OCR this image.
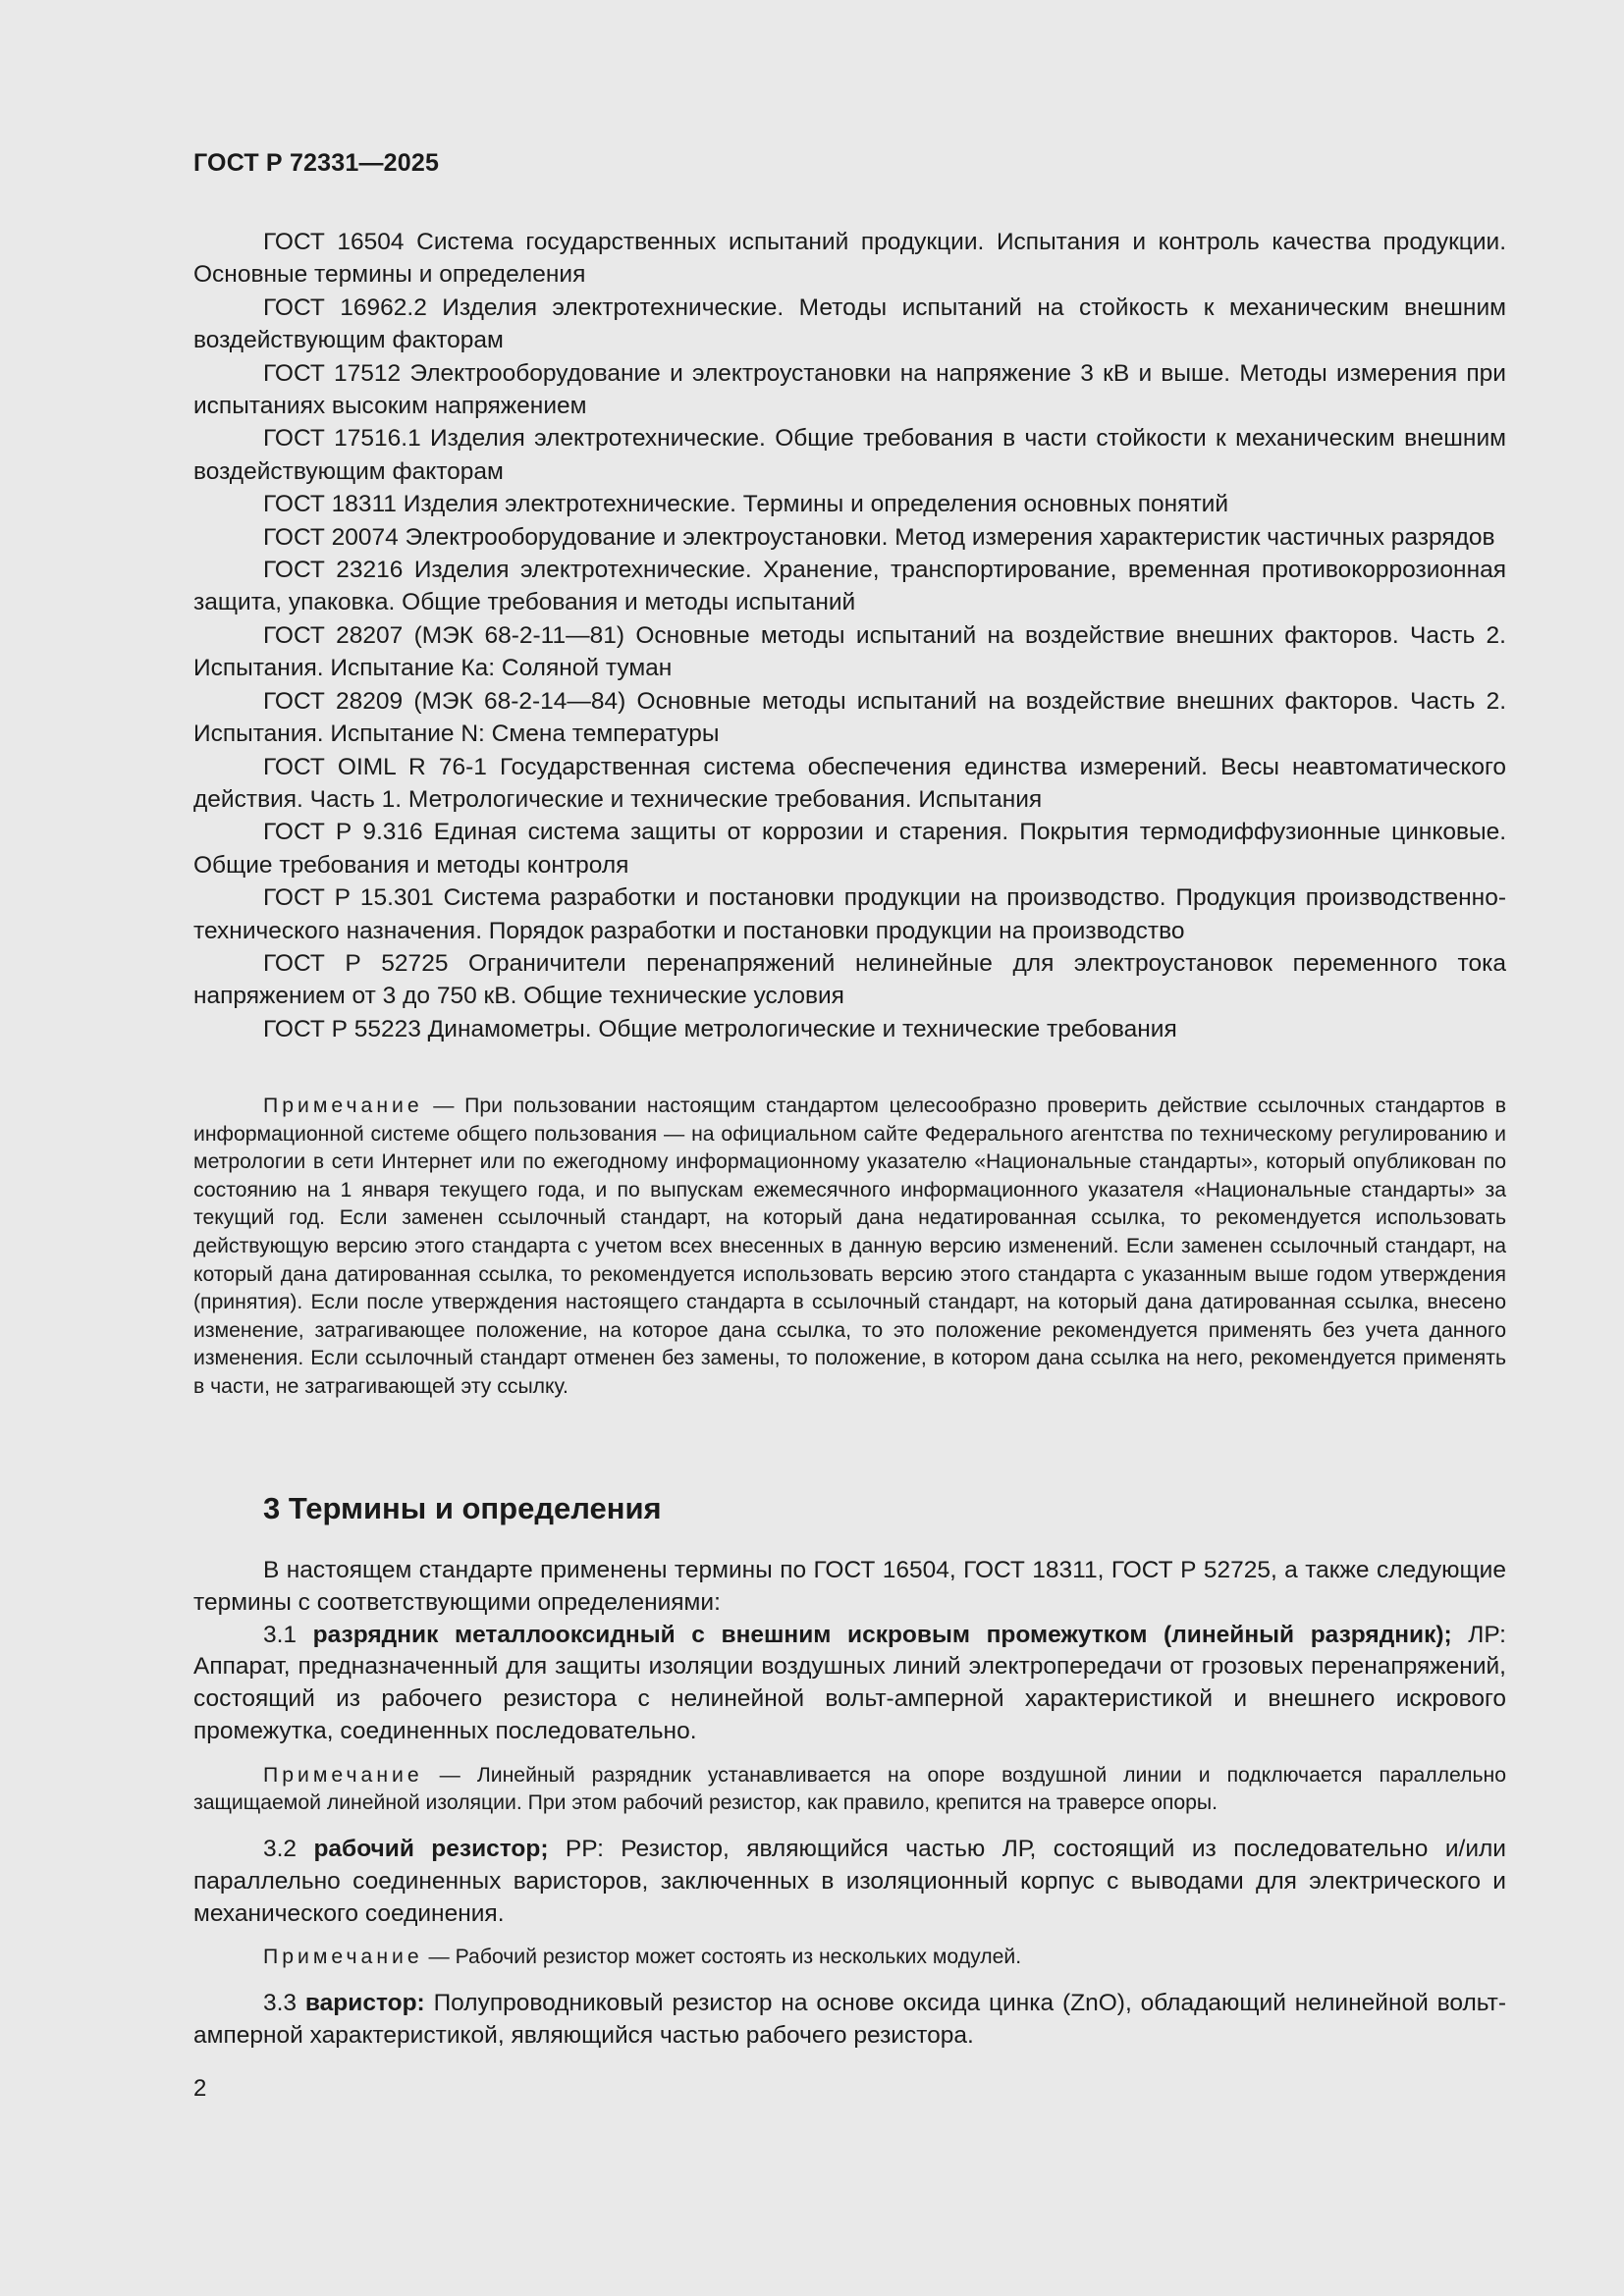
ГОСТ Р 72331—2025

ГОСТ 16504 Система государственных испытаний продукции. Испытания и контроль качества продукции. Основные термины и определения

ГОСТ 16962.2 Изделия электротехнические. Методы испытаний на стойкость к механическим внешним воздействующим факторам

ГОСТ 17512 Электрооборудование и электроустановки на напряжение 3 кВ и выше. Методы измерения при испытаниях высоким напряжением

ГОСТ 17516.1 Изделия электротехнические. Общие требования в части стойкости к механическим внешним воздействующим факторам

ГОСТ 18311 Изделия электротехнические. Термины и определения основных понятий

ГОСТ 20074 Электрооборудование и электроустановки. Метод измерения характеристик частичных разрядов

ГОСТ 23216 Изделия электротехнические. Хранение, транспортирование, временная противокоррозионная защита, упаковка. Общие требования и методы испытаний

ГОСТ 28207 (МЭК 68-2-11—81) Основные методы испытаний на воздействие внешних факторов. Часть 2. Испытания. Испытание Ка: Соляной туман

ГОСТ 28209 (МЭК 68-2-14—84) Основные методы испытаний на воздействие внешних факторов. Часть 2. Испытания. Испытание N: Смена температуры

ГОСТ OIML R 76-1 Государственная система обеспечения единства измерений. Весы неавтоматического действия. Часть 1. Метрологические и технические требования. Испытания

ГОСТ Р 9.316 Единая система защиты от коррозии и старения. Покрытия термодиффузионные цинковые. Общие требования и методы контроля

ГОСТ Р 15.301 Система разработки и постановки продукции на производство. Продукция производственно-технического назначения. Порядок разработки и постановки продукции на производство

ГОСТ Р 52725 Ограничители перенапряжений нелинейные для электроустановок переменного тока напряжением от 3 до 750 кВ. Общие технические условия

ГОСТ Р 55223 Динамометры. Общие метрологические и технические требования

Примечание — При пользовании настоящим стандартом целесообразно проверить действие ссылочных стандартов в информационной системе общего пользования — на официальном сайте Федерального агентства по техническому регулированию и метрологии в сети Интернет или по ежегодному информационному указателю «Национальные стандарты», который опубликован по состоянию на 1 января текущего года, и по выпускам ежемесячного информационного указателя «Национальные стандарты» за текущий год. Если заменен ссылочный стандарт, на который дана недатированная ссылка, то рекомендуется использовать действующую версию этого стандарта с учетом всех внесенных в данную версию изменений. Если заменен ссылочный стандарт, на который дана датированная ссылка, то рекомендуется использовать версию этого стандарта с указанным выше годом утверждения (принятия). Если после утверждения настоящего стандарта в ссылочный стандарт, на который дана датированная ссылка, внесено изменение, затрагивающее положение, на которое дана ссылка, то это положение рекомендуется применять без учета данного изменения. Если ссылочный стандарт отменен без замены, то положение, в котором дана ссылка на него, рекомендуется применять в части, не затрагивающей эту ссылку.

3 Термины и определения

В настоящем стандарте применены термины по ГОСТ 16504, ГОСТ 18311, ГОСТ Р 52725, а также следующие термины с соответствующими определениями:

3.1 разрядник металлооксидный с внешним искровым промежутком (линейный разрядник); ЛР: Аппарат, предназначенный для защиты изоляции воздушных линий электропередачи от грозовых перенапряжений, состоящий из рабочего резистора с нелинейной вольт-амперной характеристикой и внешнего искрового промежутка, соединенных последовательно.

Примечание — Линейный разрядник устанавливается на опоре воздушной линии и подключается параллельно защищаемой линейной изоляции. При этом рабочий резистор, как правило, крепится на траверсе опоры.

3.2 рабочий резистор; РР: Резистор, являющийся частью ЛР, состоящий из последовательно и/или параллельно соединенных варисторов, заключенных в изоляционный корпус с выводами для электрического и механического соединения.

Примечание — Рабочий резистор может состоять из нескольких модулей.

3.3 варистор: Полупроводниковый резистор на основе оксида цинка (ZnO), обладающий нелинейной вольт-амперной характеристикой, являющийся частью рабочего резистора.

2
